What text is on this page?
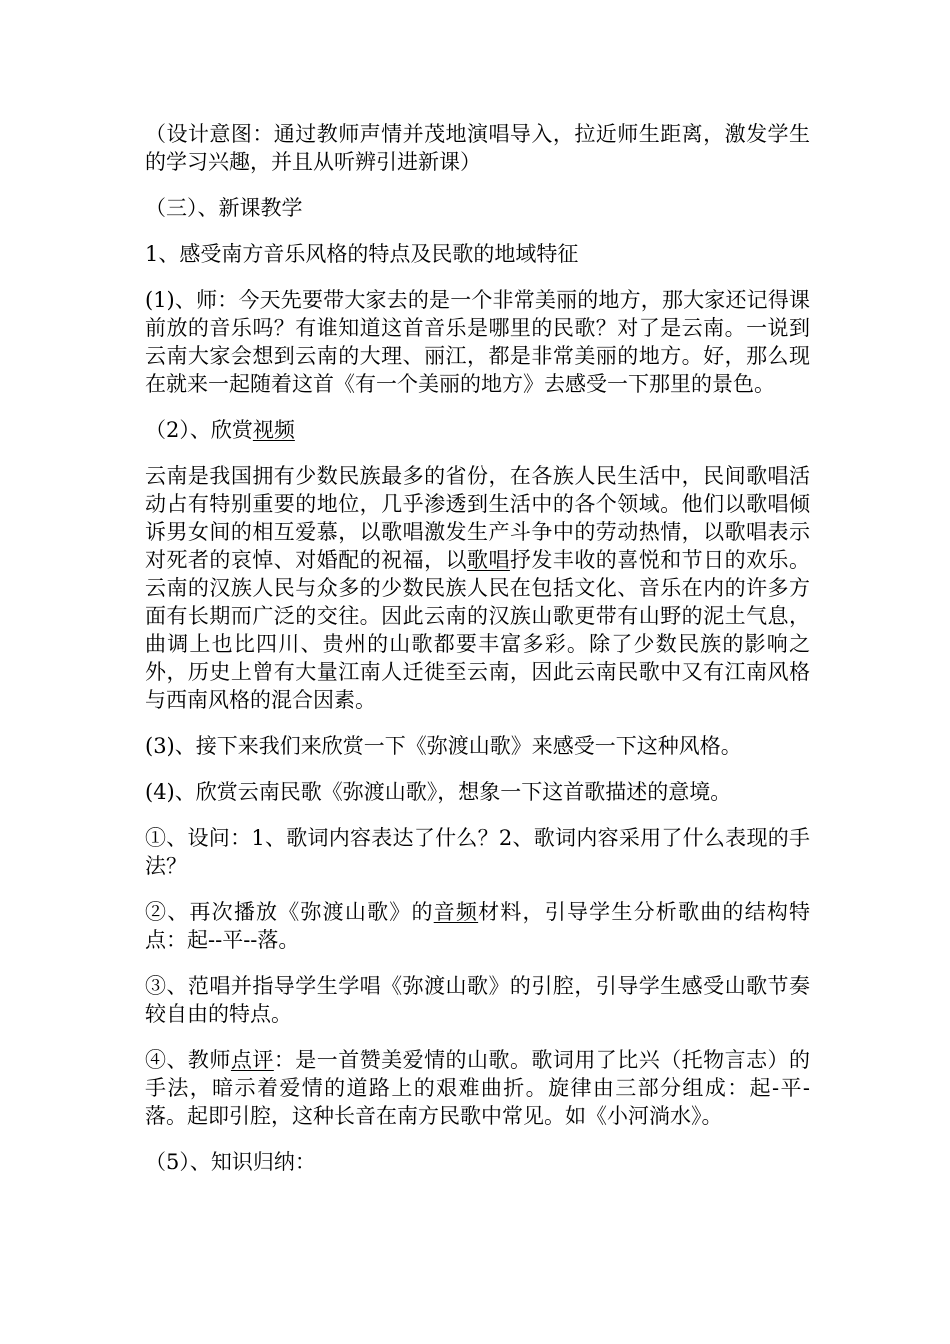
（设计意图：通过教师声情并茂地演唱导入，拉近师生距离，激发学生的学习兴趣，并且从听辨引进新课）

（三）、新课教学

1、感受南方音乐风格的特点及民歌的地域特征

(1)、师：今天先要带大家去的是一个非常美丽的地方，那大家还记得课前放的音乐吗？有谁知道这首音乐是哪里的民歌？对了是云南。一说到云南大家会想到云南的大理、丽江，都是非常美丽的地方。好，那么现在就来一起随着这首《有一个美丽的地方》去感受一下那里的景色。

（2）、欣赏视频

云南是我国拥有少数民族最多的省份，在各族人民生活中，民间歌唱活动占有特别重要的地位，几乎渗透到生活中的各个领域。他们以歌唱倾诉男女间的相互爱慕，以歌唱激发生产斗争中的劳动热情，以歌唱表示对死者的哀悼、对婚配的祝福，以歌唱抒发丰收的喜悦和节日的欢乐。云南的汉族人民与众多的少数民族人民在包括文化、音乐在内的许多方面有长期而广泛的交往。因此云南的汉族山歌更带有山野的泥土气息，曲调上也比四川、贵州的山歌都要丰富多彩。除了少数民族的影响之外，历史上曾有大量江南人迁徙至云南，因此云南民歌中又有江南风格与西南风格的混合因素。

(3)、接下来我们来欣赏一下《弥渡山歌》来感受一下这种风格。

(4)、欣赏云南民歌《弥渡山歌》，想象一下这首歌描述的意境。

①、设问：1、歌词内容表达了什么？2、歌词内容采用了什么表现的手法？

②、再次播放《弥渡山歌》的音频材料，引导学生分析歌曲的结构特点：起--平--落。

③、范唱并指导学生学唱《弥渡山歌》的引腔，引导学生感受山歌节奏较自由的特点。

④、教师点评：是一首赞美爱情的山歌。歌词用了比兴（托物言志）的手法，暗示着爱情的道路上的艰难曲折。旋律由三部分组成：起-平-落。起即引腔，这种长音在南方民歌中常见。如《小河淌水》。

（5）、知识归纳：
